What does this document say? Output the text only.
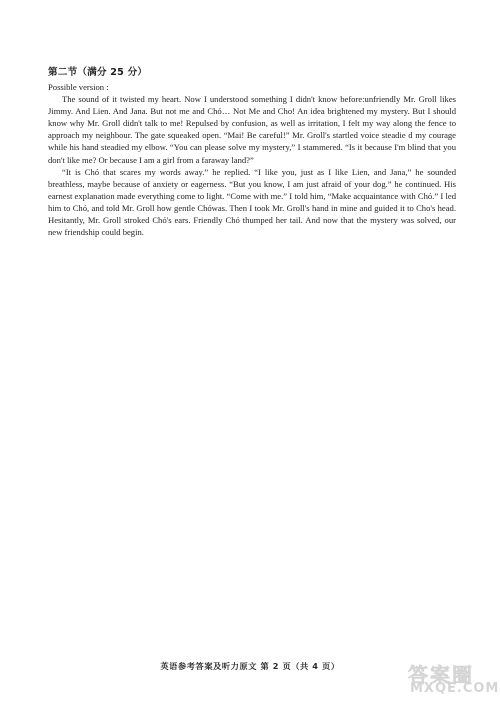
第二节（满分 25 分）

Possible version :

The sound of it twisted my heart. Now I understood something I didn't know before:unfriendly Mr. Groll likes Jimmy. And Lien. And Jana. But not me and Chó… Not Me and Cho! An idea brightened my mystery. But I should know why Mr. Groll didn't talk to me! Repulsed by confusion, as well as irritation, I felt my way along the fence to approach my neighbour. The gate squeaked open. “Mai! Be careful!” Mr. Groll's startled voice steadie d my courage while his hand steadied my elbow. “You can please solve my mystery,” I stammered. “Is it because I'm blind that you don't like me? Or because I am a girl from a faraway land?”

“It is Chó that scares my words away.” he replied. “I like you, just as I like Lien, and Jana,” he sounded breathless, maybe because of anxiety or eagerness. “But you know, I am just afraid of your dog.” he continued. His earnest explanation made everything come to light. “Come with me.” I told him, “Make acquaintance with Chó.” I led him to Chó, and told Mr. Groll how gentle Chówas. Then I took Mr. Groll's hand in mine and guided it to Cho's head. Hesitantly, Mr. Groll stroked Chó's ears. Friendly Chó thumped her tail. And now that the mystery was solved, our new friendship could begin.

英语参考答案及听力原文 第 2 页（共 4 页）	答案圈
MXQE.COM
